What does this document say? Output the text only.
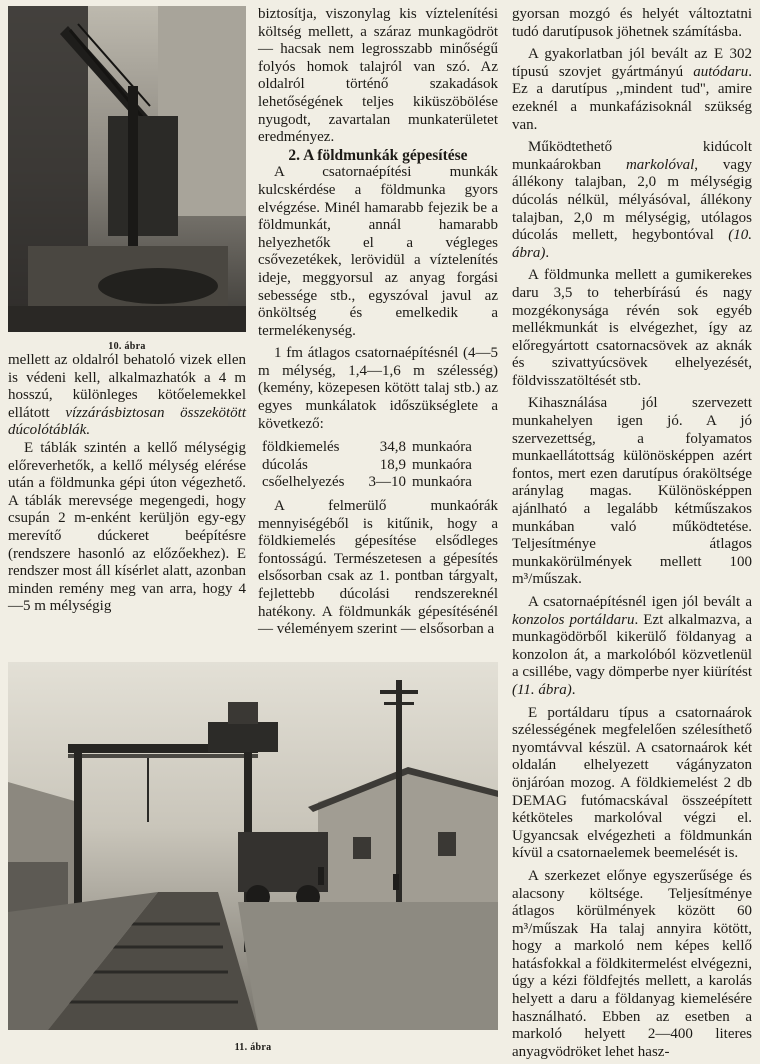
10. ábra

mellett az oldalról behatoló vizek ellen is védeni kell, alkalmazhatók a 4 m hosszú, különleges kötőelemekkel ellátott vízzárásbiztosan összekötött dúcolótáblák.

E táblák szintén a kellő mélységig előreverhetők, a kellő mélység elérése után a földmunka gépi úton végezhető. A táblák merevsége megengedi, hogy csupán 2 m-enként kerüljön egy-egy merevítő dúckeret beépítésre (rendszere hasonló az előzőekhez). E rendszer most áll kísérlet alatt, azonban minden remény meg van arra, hogy 4—5 m mélységig

biztosítja, viszonylag kis víztelenítési költség mellett, a száraz munkagödröt — hacsak nem legrosszabb minőségű folyós homok talajról van szó. Az oldalról történő szakadások lehetőségének teljes kiküszöbölése nyugodt, zavartalan munkaterületet eredményez.

2. A földmunkák gépesítése

A csatornaépítési munkák kulcskérdése a földmunka gyors elvégzése. Minél hamarabb fejezik be a földmunkát, annál hamarabb helyezhetők el a végleges csővezetékek, lerövidül a víztelenítés ideje, meggyorsul az anyag forgási sebessége stb., egyszóval javul az önköltség és emelkedik a termelékenység.

1 fm átlagos csatornaépítésnél (4—5 m mélység, 1,4—1,6 m szélesség) (kemény, közepesen kötött talaj stb.) az egyes munkálatok időszükséglete a következő:

földkiemelés	34,8	munkaóra
dúcolás	18,9	munkaóra
csőelhelyezés	3—10	munkaóra

A felmerülő munkaórák mennyiségéből is kitűnik, hogy a földkiemelés gépesítése elsődleges fontosságú. Természetesen a gépesítés elsősorban csak az 1. pontban tárgyalt, fejlettebb dúcolási rendszereknél hatékony. A földmunkák gépesítésénél — véleményem szerint — elsősorban a

11. ábra

gyorsan mozgó és helyét változtatni tudó darutípusok jöhetnek számításba.

A gyakorlatban jól bevált az E 302 típusú szovjet gyártmányú autódaru. Ez a darutípus ,,mindent tud'', amire ezeknél a munkafázisoknál szükség van.

Működtethető kidúcolt munkaárokban markolóval, vagy állékony talajban, 2,0 m mélységig dúcolás nélkül, mélyásóval, állékony talajban, 2,0 m mélységig, utólagos dúcolás mellett, hegybontóval (10. ábra).

A földmunka mellett a gumikerekes daru 3,5 to teherbírású és nagy mozgékonysága révén sok egyéb mellékmunkát is elvégezhet, így az előregyártott csatornacsövek az aknák és szivattyúcsövek elhelyezését, földvisszatöltését stb.

Kihasználása jól szervezett munkahelyen igen jó. A jó szervezettség, a folyamatos munkaellátottság különösképpen azért fontos, mert ezen darutípus óraköltsége aránylag magas. Különösképpen ajánlható a legalább kétműszakos munkában való működtetése. Teljesítménye átlagos munkakörülmények mellett 100 m³/műszak.

A csatornaépítésnél igen jól bevált a konzolos portáldaru. Ezt alkalmazva, a munkagödörből kikerülő földanyag a konzolon át, a markolóból közvetlenül a csillébe, vagy dömperbe nyer kiürítést (11. ábra).

E portáldaru típus a csatornaárok szélességének megfelelően szélesíthető nyomtávval készül. A csatornaárok két oldalán elhelyezett vágányzaton önjáróan mozog. A földkiemelést 2 db DEMAG futómacskával összeépített kétköteles markolóval végzi el. Ugyancsak elvégezheti a földmunkán kívül a csatornaelemek beemelését is.

A szerkezet előnye egyszerűsége és alacsony költsége. Teljesítménye átlagos körülmények között 60 m³/műszak Ha talaj annyira kötött, hogy a markoló nem képes kellő hatásfokkal a földkitermelést elvégezni, úgy a kézi földfejtés mellett, a karolás helyett a daru a földanyag kiemelésére használható. Ebben az esetben a markoló helyett 2—400 literes anyagvödröket lehet hasz-
